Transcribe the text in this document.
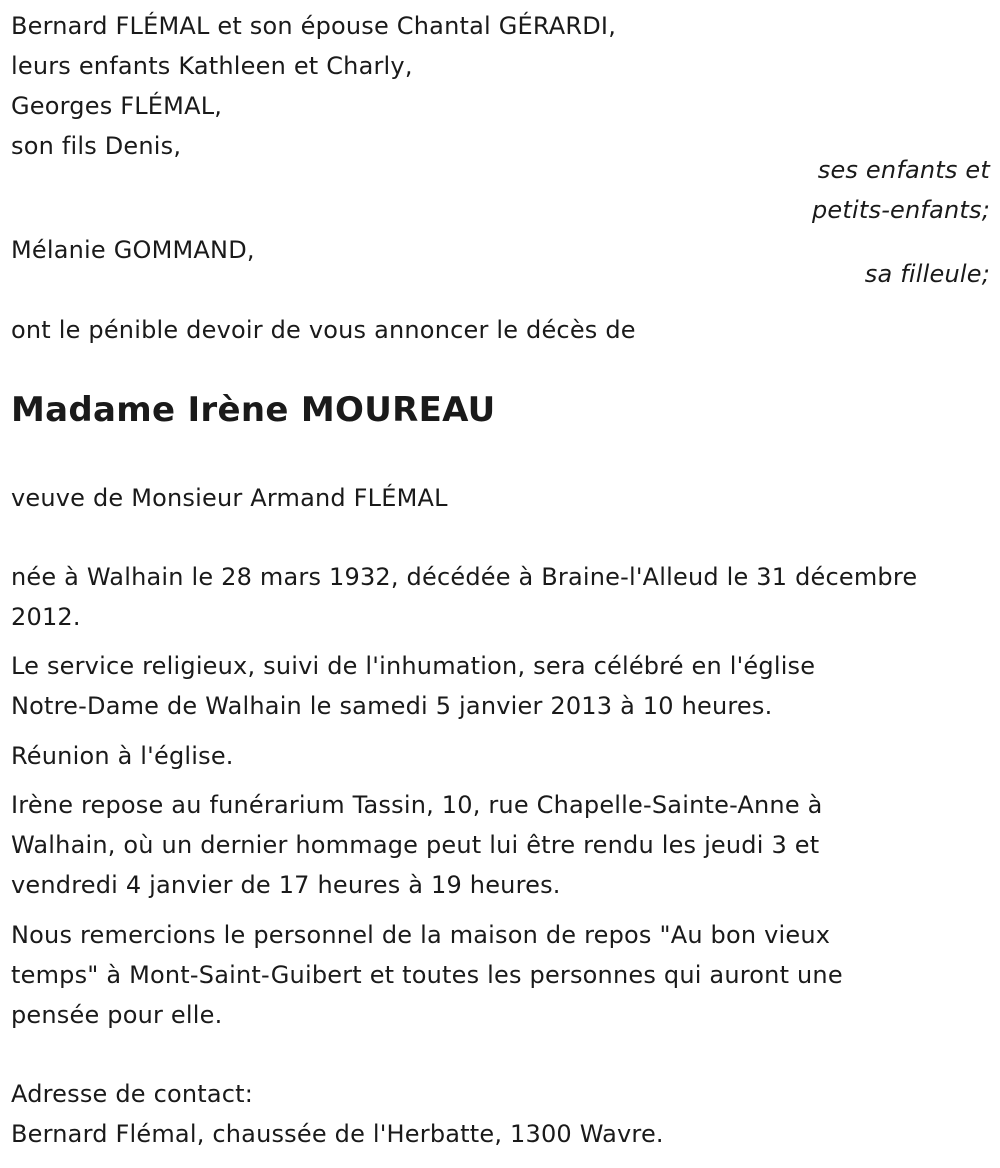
Bernard FLÉMAL et son épouse Chantal GÉRARDI,
leurs enfants Kathleen et Charly,
Georges FLÉMAL,
son fils Denis,
ses enfants et
petits-enfants;
Mélanie GOMMAND,
sa filleule;
ont le pénible devoir de vous annoncer le décès de
Madame Irène MOUREAU
veuve de Monsieur Armand FLÉMAL
née à Walhain le 28 mars 1932, décédée à Braine-l'Alleud le 31 décembre
2012.
Le service religieux, suivi de l'inhumation, sera célébré en l'église
Notre-Dame de Walhain le samedi 5 janvier 2013 à 10 heures.
Réunion à l'église.
Irène repose au funérarium Tassin, 10, rue Chapelle-Sainte-Anne à
Walhain, où un dernier hommage peut lui être rendu les jeudi 3 et
vendredi 4 janvier de 17 heures à 19 heures.
Nous remercions le personnel de la maison de repos "Au bon vieux
temps" à Mont-Saint-Guibert et toutes les personnes qui auront une
pensée pour elle.
Adresse de contact:
Bernard Flémal, chaussée de l'Herbatte, 1300 Wavre.
